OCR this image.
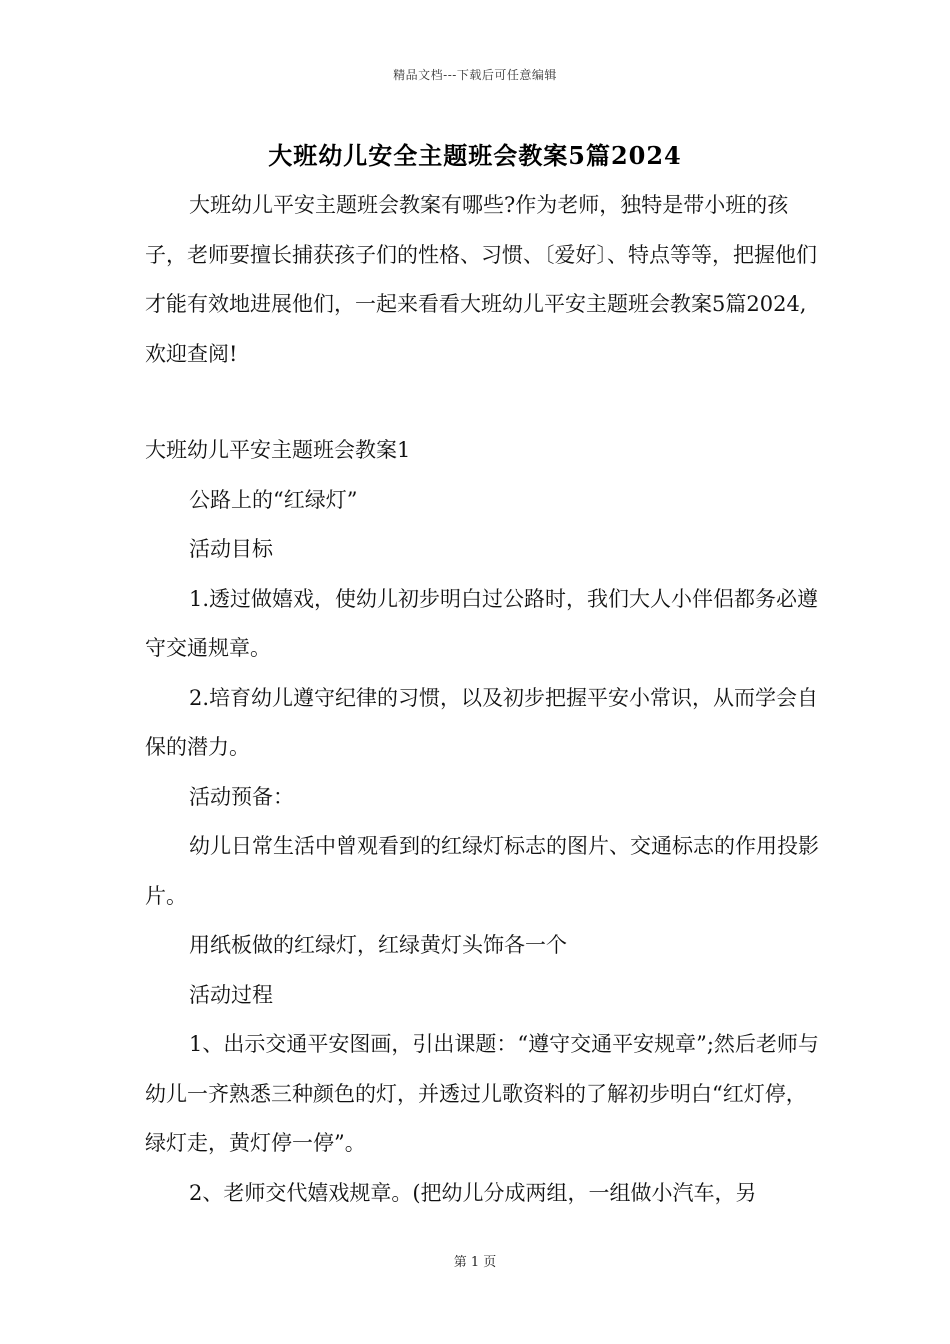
精品文档---下载后可任意编辑
大班幼儿安全主题班会教案5篇2024

大班幼儿平安主题班会教案有哪些?作为老师，独特是带小班的孩子，老师要擅长捕获孩子们的性格、习惯、〔爱好〕、特点等等，把握他们才能有效地进展他们，一起来看看大班幼儿平安主题班会教案5篇2024,欢迎查阅!

大班幼儿平安主题班会教案1

公路上的“红绿灯”

活动目标

1.透过做嬉戏，使幼儿初步明白过公路时，我们大人小伴侣都务必遵守交通规章。

2.培育幼儿遵守纪律的习惯，以及初步把握平安小常识，从而学会自保的潜力。

活动预备：

幼儿日常生活中曾观看到的红绿灯标志的图片、交通标志的作用投影片。

用纸板做的红绿灯，红绿黄灯头饰各一个

活动过程

1、出示交通平安图画，引出课题：“遵守交通平安规章”;然后老师与幼儿一齐熟悉三种颜色的灯，并透过儿歌资料的了解初步明白“红灯停，绿灯走，黄灯停一停”。

2、老师交代嬉戏规章。(把幼儿分成两组，一组做小汽车，另

第 1 页
